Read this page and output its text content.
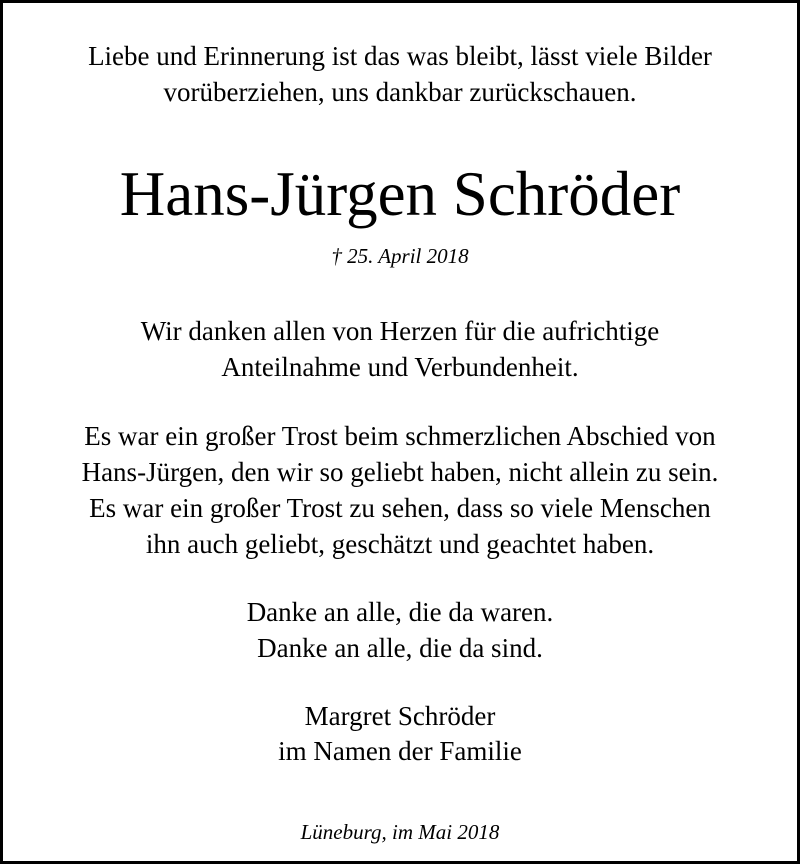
Liebe und Erinnerung ist das was bleibt, lässt viele Bilder
vorüberziehen, uns dankbar zurückschauen.
Hans-Jürgen Schröder
† 25. April 2018
Wir danken allen von Herzen für die aufrichtige
Anteilnahme und Verbundenheit.
Es war ein großer Trost beim schmerzlichen Abschied von
Hans-Jürgen, den wir so geliebt haben, nicht allein zu sein.
Es war ein großer Trost zu sehen, dass so viele Menschen
ihn auch geliebt, geschätzt und geachtet haben.
Danke an alle, die da waren.
Danke an alle, die da sind.
Margret Schröder
im Namen der Familie
Lüneburg, im Mai 2018
